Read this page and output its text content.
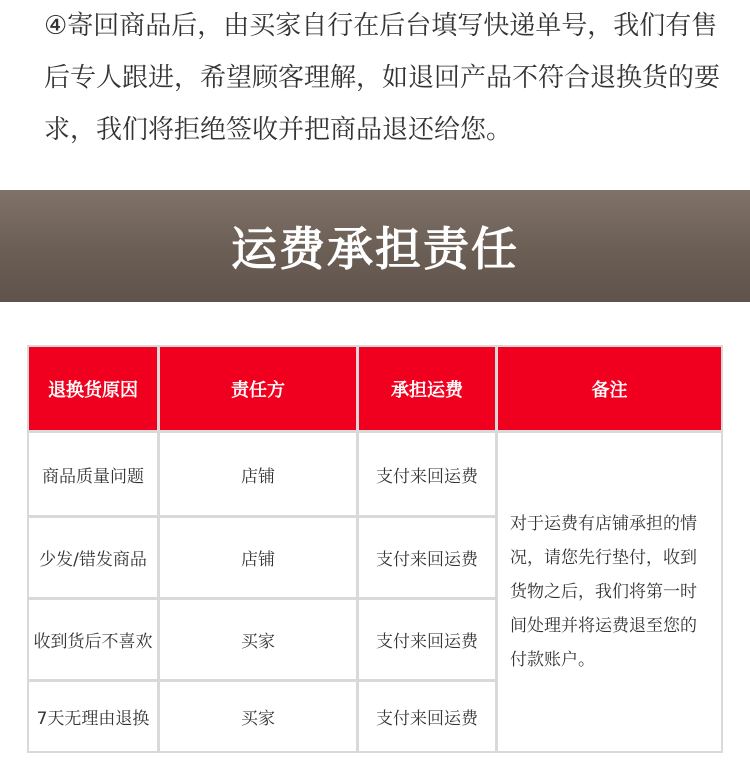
④寄回商品后，由买家自行在后台填写快递单号，我们有售后专人跟进，希望顾客理解，如退回产品不符合退换货的要求，我们将拒绝签收并把商品退还给您。

运费承担责任
退换货原因	责任方	承担运费	备注
商品质量问题	店铺	支付来回运费
少发/错发商品	店铺	支付来回运费
收到货后不喜欢	买家	支付来回运费
7天无理由退换	买家	支付来回运费
对于运费有店铺承担的情况，请您先行垫付，收到货物之后，我们将第一时间处理并将运费退至您的付款账户。
